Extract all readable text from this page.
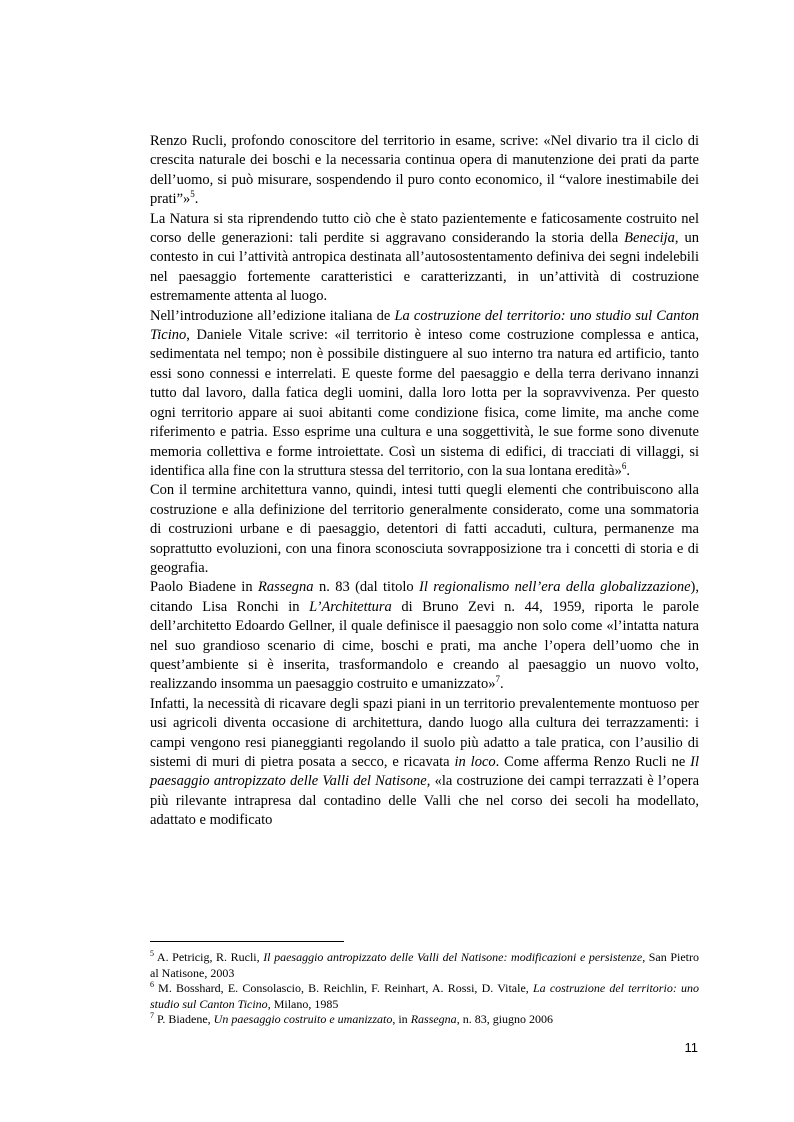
Renzo Rucli, profondo conoscitore del territorio in esame, scrive: «Nel divario tra il ciclo di crescita naturale dei boschi e la necessaria continua opera di manutenzione dei prati da parte dell’uomo, si può misurare, sospendendo il puro conto economico, il “valore inestimabile dei prati”»$^5$.

La Natura si sta riprendendo tutto ciò che è stato pazientemente e faticosamente costruito nel corso delle generazioni: tali perdite si aggravano considerando la storia della Benecija, un contesto in cui l’attività antropica destinata all’autosostentamento definiva dei segni indelebili nel paesaggio fortemente caratteristici e caratterizzanti, in un’attività di costruzione estremamente attenta al luogo.

Nell’introduzione all’edizione italiana de La costruzione del territorio: uno studio sul Canton Ticino, Daniele Vitale scrive: «il territorio è inteso come costruzione complessa e antica, sedimentata nel tempo; non è possibile distinguere al suo interno tra natura ed artificio, tanto essi sono connessi e interrelati. E queste forme del paesaggio e della terra derivano innanzi tutto dal lavoro, dalla fatica degli uomini, dalla loro lotta per la sopravvivenza. Per questo ogni territorio appare ai suoi abitanti come condizione fisica, come limite, ma anche come riferimento e patria. Esso esprime una cultura e una soggettività, le sue forme sono divenute memoria collettiva e forme introiettate. Così un sistema di edifici, di tracciati di villaggi, si identifica alla fine con la struttura stessa del territorio, con la sua lontana eredità»$^6$.

Con il termine architettura vanno, quindi, intesi tutti quegli elementi che contribuiscono alla costruzione e alla definizione del territorio generalmente considerato, come una sommatoria di costruzioni urbane e di paesaggio, detentori di fatti accaduti, cultura, permanenze ma soprattutto evoluzioni, con una finora sconosciuta sovrapposizione tra i concetti di storia e di geografia.

Paolo Biadene in Rassegna n. 83 (dal titolo Il regionalismo nell’era della globalizzazione), citando Lisa Ronchi in L’Architettura di Bruno Zevi n. 44, 1959, riporta le parole dell’architetto Edoardo Gellner, il quale definisce il paesaggio non solo come «l’intatta natura nel suo grandioso scenario di cime, boschi e prati, ma anche l’opera dell’uomo che in quest’ambiente si è inserita, trasformandolo e creando al paesaggio un nuovo volto, realizzando insomma un paesaggio costruito e umanizzato»$^7$.

Infatti, la necessità di ricavare degli spazi piani in un territorio prevalentemente montuoso per usi agricoli diventa occasione di architettura, dando luogo alla cultura dei terrazzamenti: i campi vengono resi pianeggianti regolando il suolo più adatto a tale pratica, con l’ausilio di sistemi di muri di pietra posata a secco, e ricavata in loco. Come afferma Renzo Rucli ne Il paesaggio antropizzato delle Valli del Natisone, «la costruzione dei campi terrazzati è l’opera più rilevante intrapresa dal contadino delle Valli che nel corso dei secoli ha modellato, adattato e modificato

$^5$ A. Petricig, R. Rucli, Il paesaggio antropizzato delle Valli del Natisone: modificazioni e persistenze, San Pietro al Natisone, 2003

$^6$ M. Bosshard, E. Consolascio, B. Reichlin, F. Reinhart, A. Rossi, D. Vitale, La costruzione del territorio: uno studio sul Canton Ticino, Milano, 1985

$^7$ P. Biadene, Un paesaggio costruito e umanizzato, in Rassegna, n. 83, giugno 2006

11
